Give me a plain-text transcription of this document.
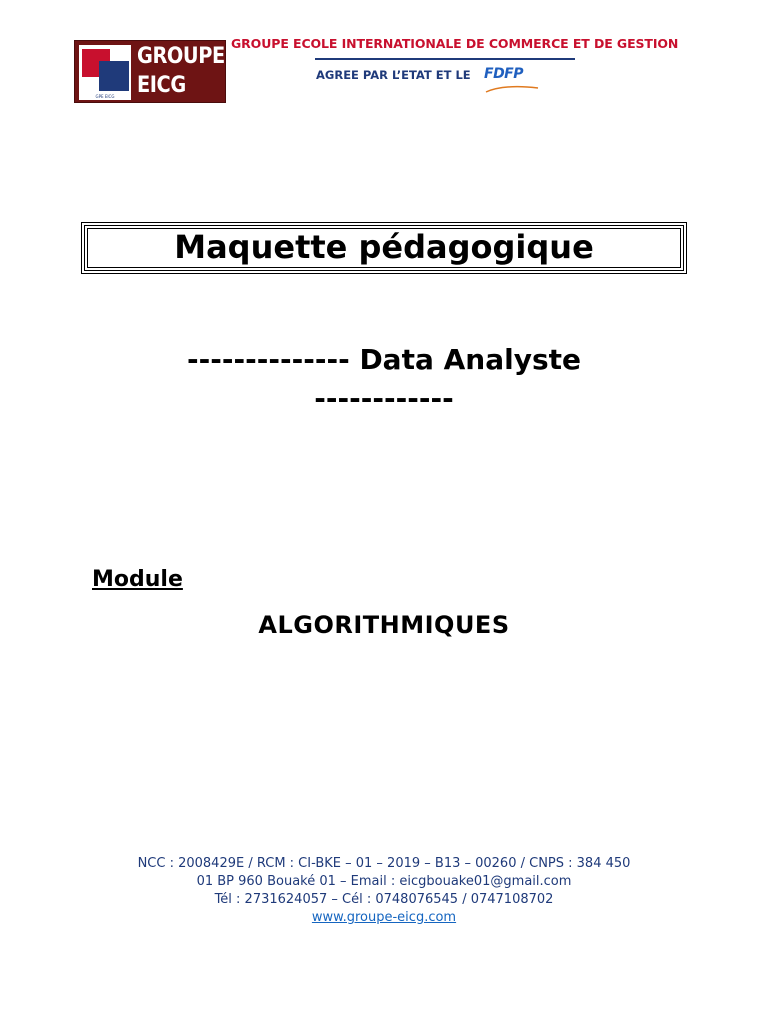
GPE EICG
GROUPE
EICG
GROUPE ECOLE INTERNATIONALE DE COMMERCE ET DE GESTION
AGREE PAR L’ETAT ET LE FDFP
Maquette pédagogique
-------------- Data Analyste
------------
Module
ALGORITHMIQUES
NCC : 2008429E / RCM : CI-BKE – 01 – 2019 – B13 – 00260 / CNPS : 384 450
01 BP 960 Bouaké 01 – Email : eicgbouake01@gmail.com
Tél : 2731624057 – Cél : 0748076545 / 0747108702
www.groupe-eicg.com
